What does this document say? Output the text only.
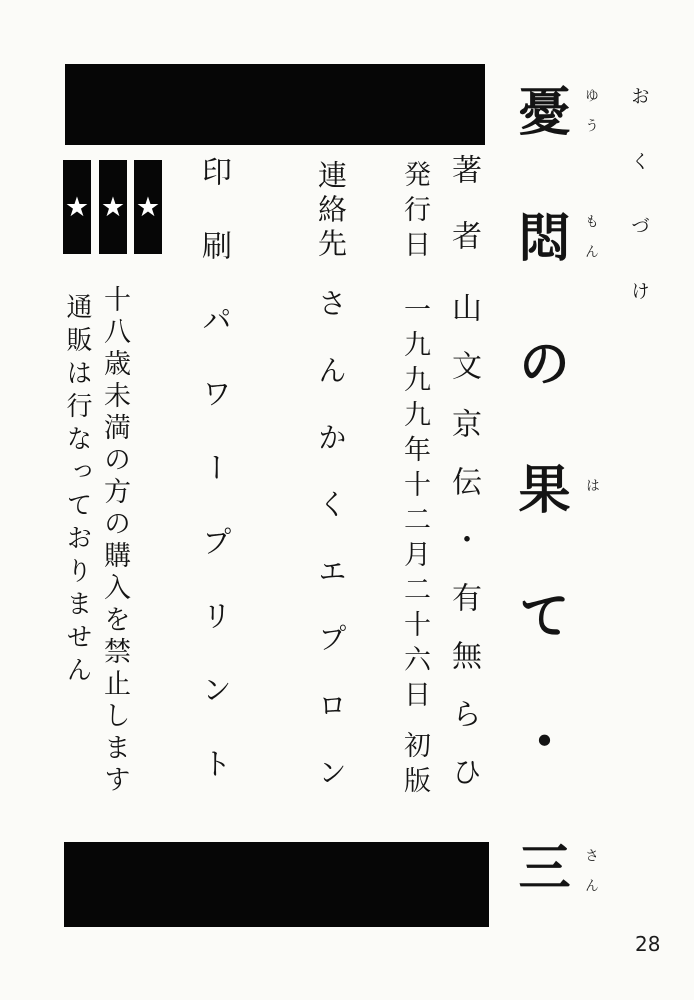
★ ★ ★	おくづけ
憂悶の果て・三 ゆう
もん
は
さん
著者山文京伝・有無らひ
発行日一九九九年十二月二十六日初版
連絡先さんかくエプロン
印刷パワープリント
十八歳未満の方の購入を禁止します
通販は行なっておりません
28
